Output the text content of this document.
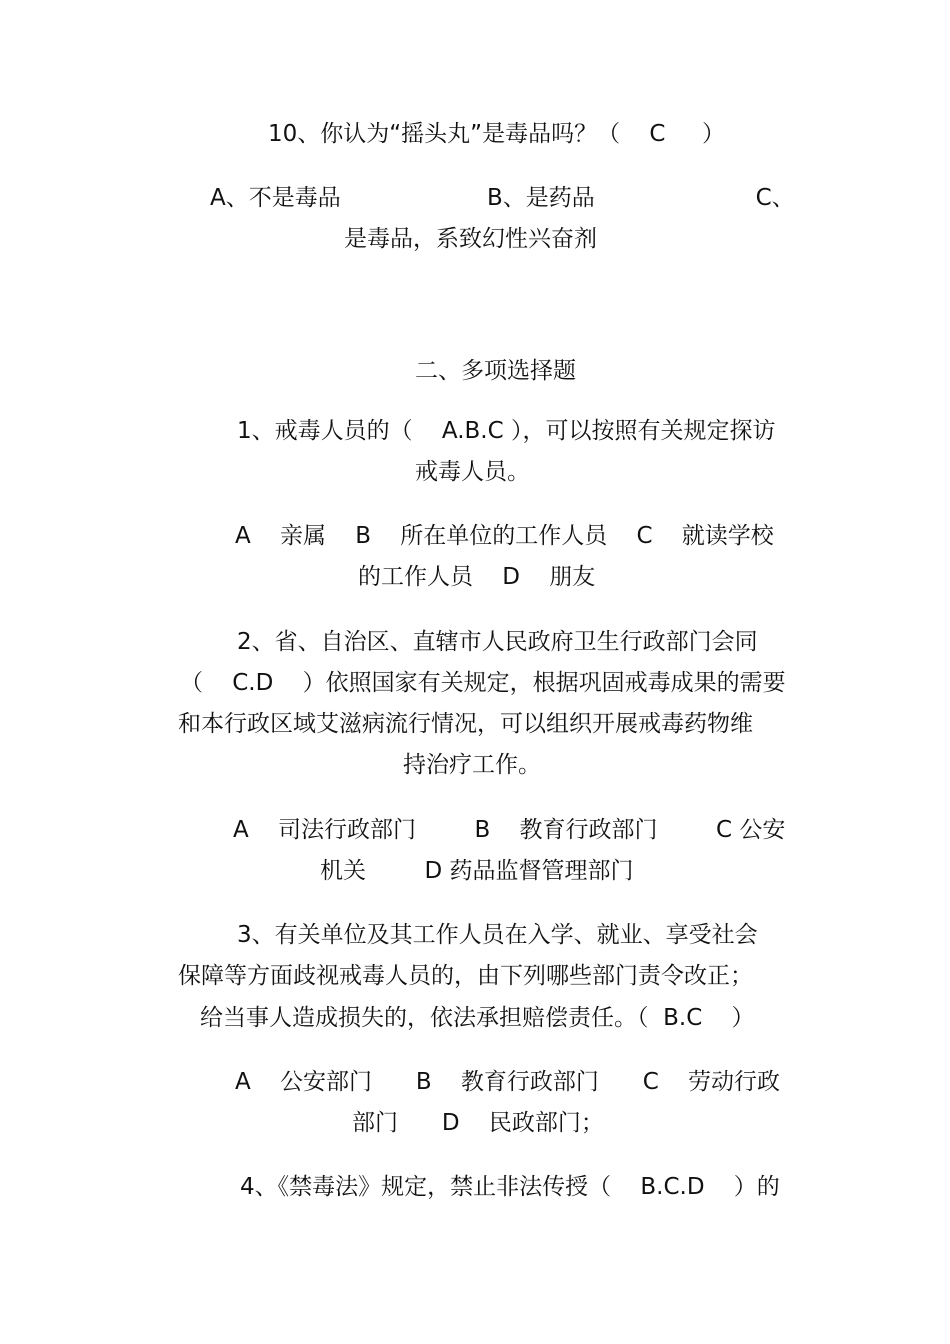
10、你认为“摇头丸”是毒品吗？（    C     ）

A、不是毒品                    B、是药品                      C、

是毒品，系致幻性兴奋剂

二、多项选择题

1、戒毒人员的（    A.B.C ），可以按照有关规定探访

戒毒人员。

A    亲属    B    所在单位的工作人员    C    就读学校

的工作人员    D    朋友

2、省、自治区、直辖市人民政府卫生行政部门会同

（    C.D    ）依照国家有关规定，根据巩固戒毒成果的需要

和本行政区域艾滋病流行情况，可以组织开展戒毒药物维

持治疗工作。

A    司法行政部门        B    教育行政部门        C 公安

机关        D 药品监督管理部门

3、有关单位及其工作人员在入学、就业、享受社会

保障等方面歧视戒毒人员的，由下列哪些部门责令改正；

给当事人造成损失的，依法承担赔偿责任。（  B.C    ）

A    公安部门      B    教育行政部门      C    劳动行政

部门      D    民政部门；

4、《禁毒法》规定，禁止非法传授（    B.C.D    ）的
